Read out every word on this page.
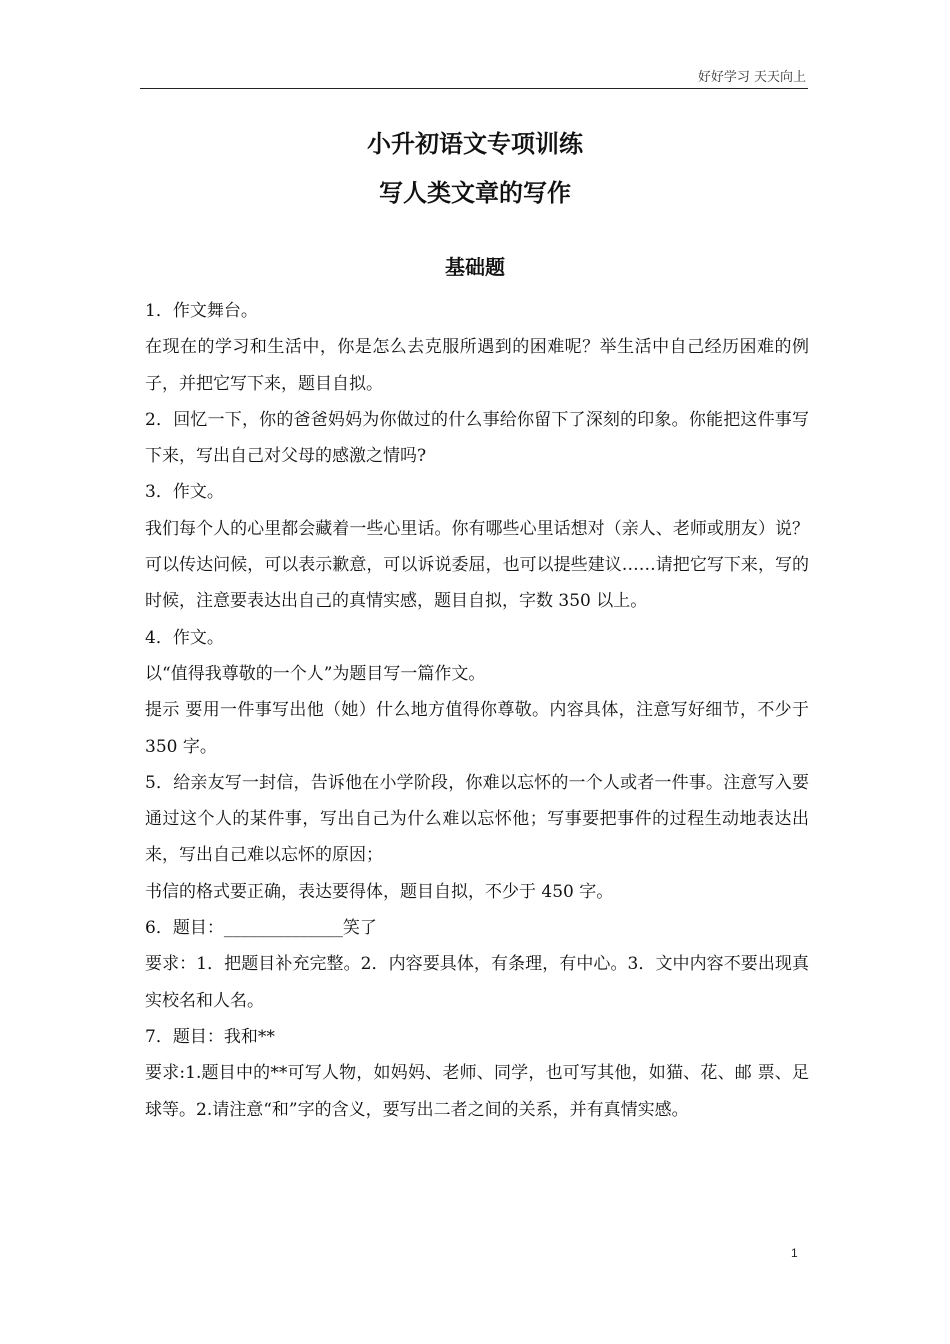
好好学习 天天向上
小升初语文专项训练
写人类文章的写作
基础题

1．作文舞台。

在现在的学习和生活中，你是怎么去克服所遇到的困难呢？举生活中自己经历困难的例子，并把它写下来，题目自拟。

2．回忆一下，你的爸爸妈妈为你做过的什么事给你留下了深刻的印象。你能把这件事写下来，写出自己对父母的感激之情吗?

3．作文。

我们每个人的心里都会藏着一些心里话。你有哪些心里话想对（亲人、老师或朋友）说？可以传达问候，可以表示歉意，可以诉说委屈，也可以提些建议……请把它写下来，写的时候，注意要表达出自己的真情实感，题目自拟，字数 350 以上。

4．作文。

以“值得我尊敬的一个人”为题目写一篇作文。

提示 要用一件事写出他（她）什么地方值得你尊敬。内容具体，注意写好细节，不少于 350 字。

5．给亲友写一封信，告诉他在小学阶段，你难以忘怀的一个人或者一件事。注意写入要通过这个人的某件事，写出自己为什么难以忘怀他；写事要把事件的过程生动地表达出来，写出自己难以忘怀的原因；

书信的格式要正确，表达要得体，题目自拟，不少于 450 字。

6．题目：______________笑了

要求：1．把题目补充完整。2．内容要具体，有条理，有中心。3．文中内容不要出现真实校名和人名。

7．题目：我和**

要求:1.题目中的**可写人物，如妈妈、老师、同学，也可写其他，如猫、花、邮 票、足球等。2.请注意“和”字的含义，要写出二者之间的关系，并有真情实感。

1
